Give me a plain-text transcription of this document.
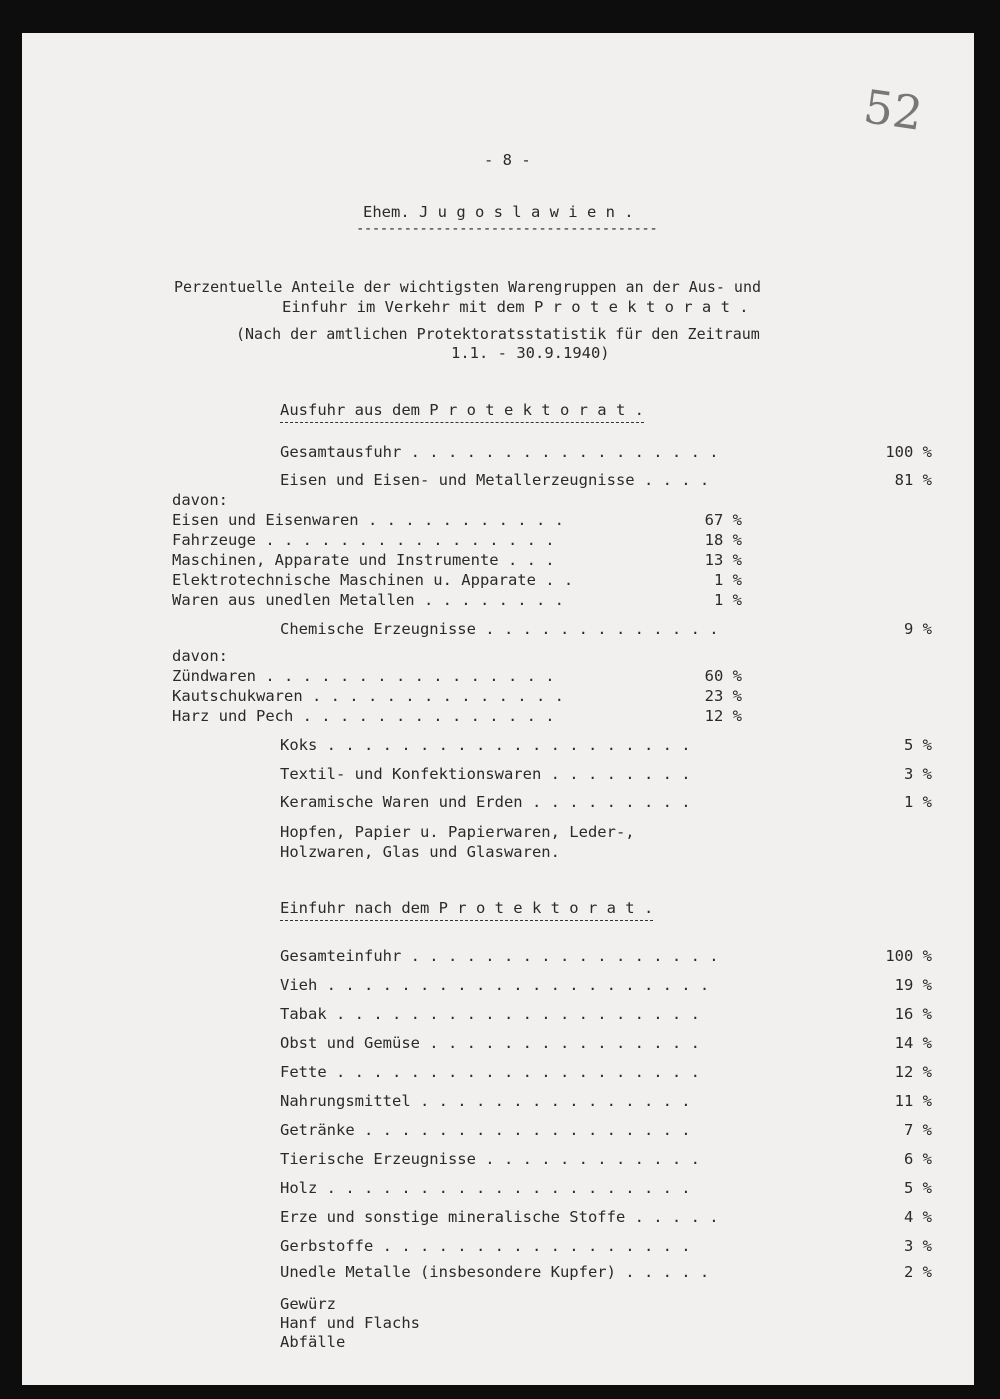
52
- 8 -
Ehem. J u g o s l a w i e n .
--------------------------------------
Perzentuelle Anteile der wichtigsten Warengruppen an der Aus- und
Einfuhr im Verkehr mit dem P r o t e k t o r a t .
(Nach der amtlichen Protektoratsstatistik für den Zeitraum
1.1. - 30.9.1940)
Ausfuhr aus dem P r o t e k t o r a t .
Gesamtausfuhr . . . . . . . . . . . . . . . . .	100 %
Eisen und Eisen- und Metallerzeugnisse . . . .	81 %
davon:
Eisen und Eisenwaren . . . . . . . . . . .	67 %
Fahrzeuge . . . . . . . . . . . . . . . .	18 %
Maschinen, Apparate und Instrumente . . .	13 %
Elektrotechnische Maschinen u. Apparate . .	1 %
Waren aus unedlen Metallen . . . . . . . .	1 %
Chemische Erzeugnisse . . . . . . . . . . . . .	9 %
davon:
Zündwaren . . . . . . . . . . . . . . . .	60 %
Kautschukwaren . . . . . . . . . . . . . .	23 %
Harz und Pech . . . . . . . . . . . . . .	12 %
Koks . . . . . . . . . . . . . . . . . . . .	5 %
Textil- und Konfektionswaren . . . . . . . .	3 %
Keramische Waren und Erden . . . . . . . . .	1 %
Hopfen, Papier u. Papierwaren, Leder-,
Holzwaren, Glas und Glaswaren.
Einfuhr nach dem P r o t e k t o r a t .
Gesamteinfuhr . . . . . . . . . . . . . . . . .	100 %
Vieh . . . . . . . . . . . . . . . . . . . . .	19 %
Tabak . . . . . . . . . . . . . . . . . . . .	16 %
Obst und Gemüse . . . . . . . . . . . . . . .	14 %
Fette . . . . . . . . . . . . . . . . . . . .	12 %
Nahrungsmittel . . . . . . . . . . . . . . .	11 %
Getränke . . . . . . . . . . . . . . . . . .	7 %
Tierische Erzeugnisse . . . . . . . . . . . .	6 %
Holz . . . . . . . . . . . . . . . . . . . .	5 %
Erze und sonstige mineralische Stoffe . . . . .	4 %
Gerbstoffe . . . . . . . . . . . . . . . . .	3 %
Unedle Metalle (insbesondere Kupfer) . . . . .	2 %
Gewürz
Hanf und Flachs
Abfälle
